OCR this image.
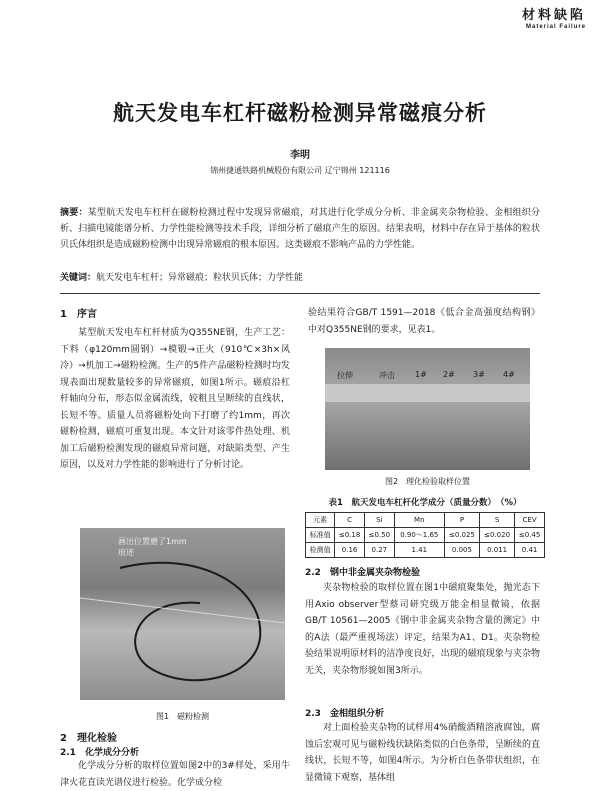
材料缺陷
Material Failure
航天发电车杠杆磁粉检测异常磁痕分析
李明
锦州捷通铁路机械股份有限公司 辽宁锦州 121116
摘要：某型航天发电车杠杆在磁粉检测过程中发现异常磁痕，对其进行化学成分分析、非金属夹杂物检验、金相组织分析、扫描电镜能谱分析、力学性能检测等技术手段，详细分析了磁痕产生的原因。结果表明，材料中存在异于基体的粒状贝氏体组织是造成磁粉检测中出现异常磁痕的根本原因。这类磁痕不影响产品的力学性能。
关键词：航天发电车杠杆；异常磁痕；粒状贝氏体；力学性能
1　序言

某型航天发电车杠杆材质为Q355NE钢，生产工艺：下料（φ120mm圆钢）→模锻→正火（910℃×3h×风冷）→机加工→磁粉检测。生产的5件产品磁粉检测时均发现表面出现数量较多的异常磁痕，如图1所示。磁痕沿杠杆轴向分布，形态似金属流线，较粗且呈断续的直线状，长短不等。质量人员将磁粉处向下打磨了约1mm，再次磁粉检测，磁痕可重复出现。本文针对该零件热处理、机加工后磁粉检测发现的磁痕异常问题，对缺陷类型、产生原因，以及对力学性能的影响进行了分析讨论。

画出位置磨了1mm
痕迹
图1　磁粉检测
2　理化检验
2.1　化学成分分析

化学成分分析的取样位置如图2中的3#样处，采用牛津火花直读光谱仪进行检验。化学成分检

验结果符合GB/T 1591—2018《低合金高强度结构钢》中对Q355NE钢的要求，见表1。

拉伸	冲击	1# 2# 3# 4#
图2　理化检验取样位置
表1　航天发电车杠杆化学成分（质量分数）　（%）
元素	C	Si	Mn	P	S	CEV
标准值	≤0.18	≤0.50	0.90～1.65	≤0.025	≤0.020	≤0.45
检测值	0.16	0.27	1.41	0.005	0.011	0.41
2.2　钢中非金属夹杂物检验

夹杂物检验的取样位置在图1中磁痕聚集处，抛光态下用Axio observer型蔡司研究级万能金相显微镜，依据GB/T 10561—2005《钢中非金属夹杂物含量的测定》中的A法（最严重视场法）评定，结果为A1、D1。夹杂物检验结果说明原材料的洁净度良好，出现的磁痕现象与夹杂物无关，夹杂物形貌如图3所示。

2.3　金相组织分析

对上面检验夹杂物的试样用4%硝酸酒精溶液腐蚀，腐蚀后宏观可见与磁粉线状缺陷类似的白色条带，呈断续的直线状，长短不等，如图4所示。为分析白色条带状组织，在显微镜下观察，基体组
